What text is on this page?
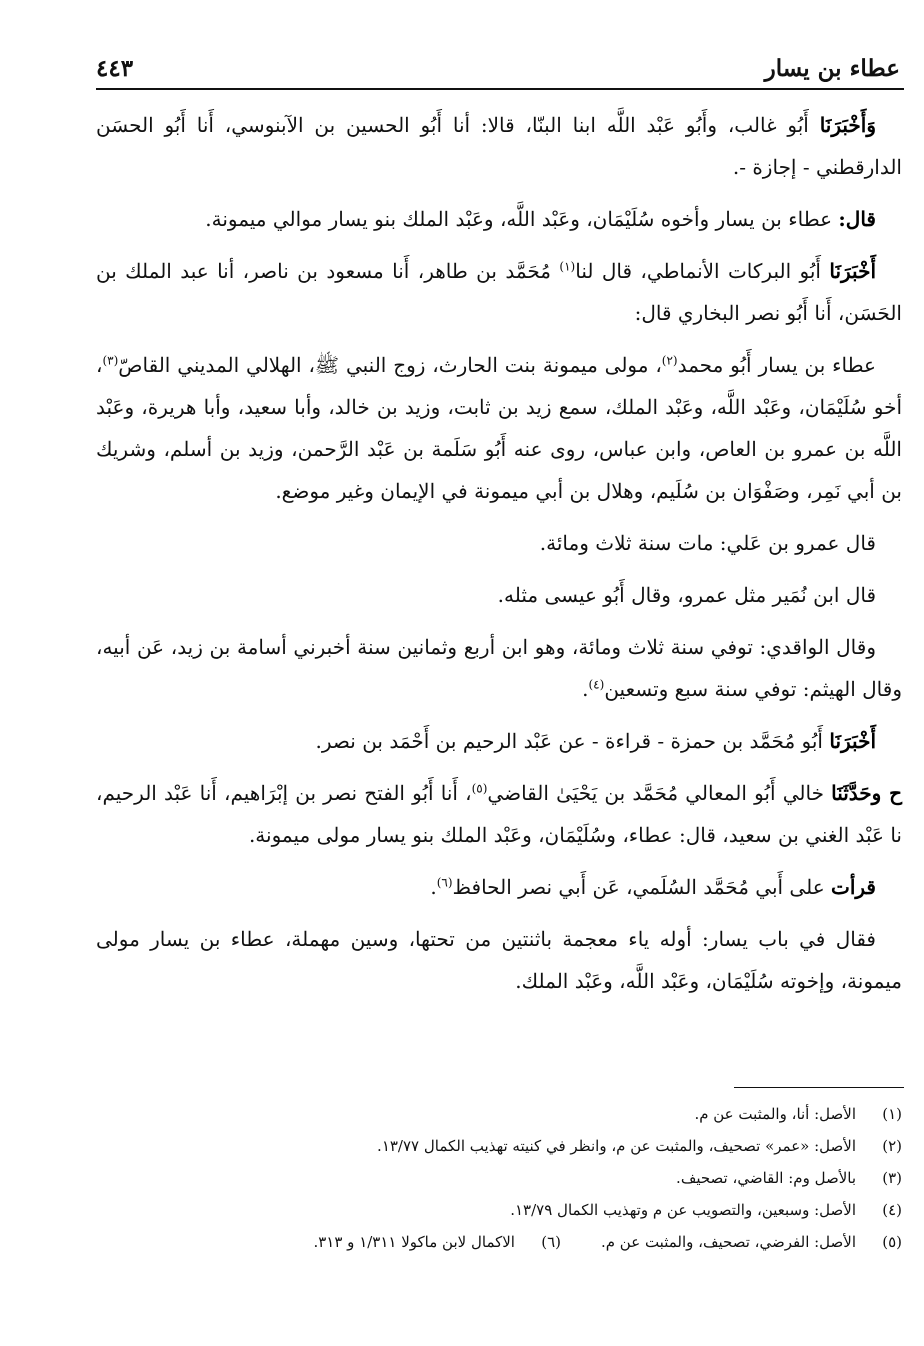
عطاء بن يسار
٤٤٣

وَأَخْبَرَنَا أَبُو غالب، وأَبُو عَبْد اللَّه ابنا البنّا، قالا: أنا أَبُو الحسين بن الآبنوسي، أَنا أَبُو الحسَن الدارقطني - إجازة -.

قال: عطاء بن يسار وأخوه سُلَيْمَان، وعَبْد اللَّه، وعَبْد الملك بنو يسار موالي ميمونة.

أَخْبَرَنَا أَبُو البركات الأنماطي، قال لنا$^{(١)}$ مُحَمَّد بن طاهر، أَنا مسعود بن ناصر، أنا عبد الملك بن الحَسَن، أَنا أَبُو نصر البخاري قال:

عطاء بن يسار أَبُو محمد$^{(٢)}$، مولى ميمونة بنت الحارث، زوج النبي ﷺ، الهلالي المديني القاصّ$^{(٣)}$، أخو سُلَيْمَان، وعَبْد اللَّه، وعَبْد الملك، سمع زيد بن ثابت، وزيد بن خالد، وأبا سعيد، وأبا هريرة، وعَبْد اللَّه بن عمرو بن العاص، وابن عباس، روى عنه أَبُو سَلَمة بن عَبْد الرَّحمن، وزيد بن أسلم، وشريك بن أبي نَمِر، وصَفْوَان بن سُلَيم، وهلال بن أبي ميمونة في الإيمان وغير موضع.

قال عمرو بن عَلي: مات سنة ثلاث ومائة.

قال ابن نُمَير مثل عمرو، وقال أَبُو عيسى مثله.

وقال الواقدي: توفي سنة ثلاث ومائة، وهو ابن أربع وثمانين سنة أخبرني أسامة بن زيد، عَن أبيه، وقال الهيثم: توفي سنة سبع وتسعين$^{(٤)}$.

أَخْبَرَنَا أَبُو مُحَمَّد بن حمزة - قراءة - عن عَبْد الرحيم بن أَحْمَد بن نصر.

ح وحَدَّثَنَا خالي أَبُو المعالي مُحَمَّد بن يَحْيَىٰ القاضي$^{(٥)}$، أَنا أَبُو الفتح نصر بن إبْرَاهيم، أَنا عَبْد الرحيم، نا عَبْد الغني بن سعيد، قال: عطاء، وسُلَيْمَان، وعَبْد الملك بنو يسار مولى ميمونة.

قرأت على أَبي مُحَمَّد السُلَمي، عَن أَبي نصر الحافظ$^{(٦)}$.

فقال في باب يسار: أوله ياء معجمة باثنتين من تحتها، وسين مهملة، عطاء بن يسار مولى ميمونة، وإخوته سُلَيْمَان، وعَبْد اللَّه، وعَبْد الملك.

(١)
الأصل: أنا، والمثبت عن م.
(٢)
الأصل: «عمر» تصحيف، والمثبت عن م، وانظر في كنيته تهذيب الكمال ١٣/٧٧.
(٣)
بالأصل وم: القاضي، تصحيف.
(٤)
الأصل: وسبعين، والتصويب عن م وتهذيب الكمال ١٣/٧٩.
(٥)
الأصل: الفرضي، تصحيف، والمثبت عن م.
(٦)
الاكمال لابن ماكولا ١/٣١١ و ٣١٣.
